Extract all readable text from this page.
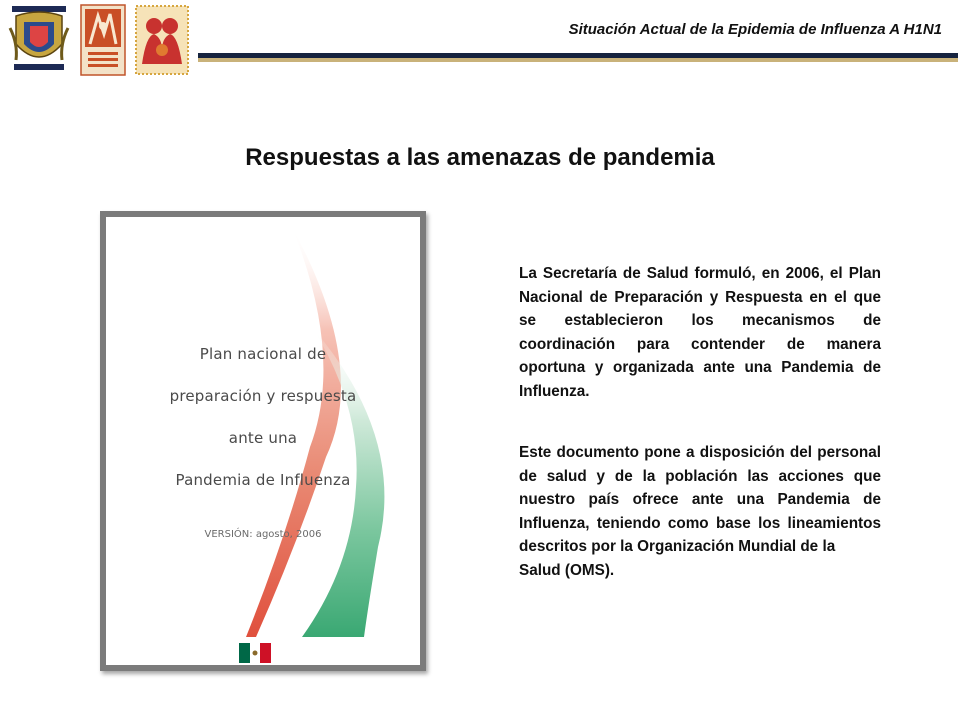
Situación Actual de la Epidemia de Influenza A H1N1
Respuestas a las amenazas de pandemia
Plan nacional de
preparación y respuesta
ante una
Pandemia de Influenza
VERSIÓN: agosto, 2006
La Secretaría de Salud formuló, en 2006, el Plan Nacional de Preparación y Respuesta en el que se establecieron los mecanismos de coordinación para contender de manera oportuna y organizada ante una Pandemia de Influenza.
Este documento pone a disposición del personal de salud y de la población las acciones que nuestro país ofrece ante una Pandemia de Influenza, teniendo como base los lineamientos descritos por la Organización Mundial de la
Salud (OMS).
